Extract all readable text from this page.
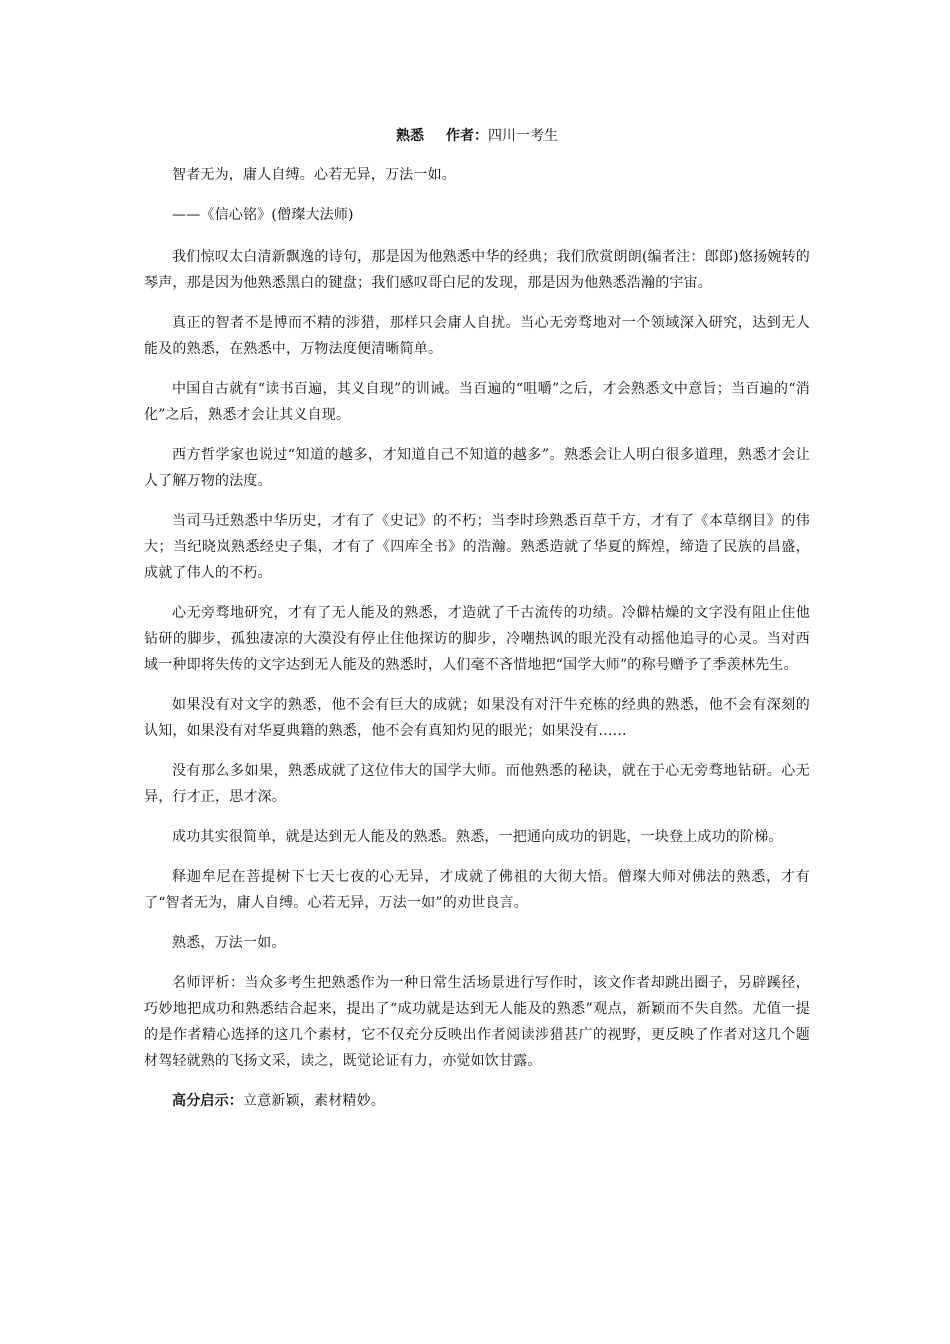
熟悉 作者：四川一考生

智者无为，庸人自缚。心若无异，万法一如。

——《信心铭》(僧璨大法师)

我们惊叹太白清新飘逸的诗句，那是因为他熟悉中华的经典；我们欣赏朗朗(编者注：郎郎)悠扬婉转的琴声，那是因为他熟悉黑白的键盘；我们感叹哥白尼的发现，那是因为他熟悉浩瀚的宇宙。

真正的智者不是博而不精的涉猎，那样只会庸人自扰。当心无旁骛地对一个领域深入研究，达到无人能及的熟悉，在熟悉中，万物法度便清晰简单。

中国自古就有“读书百遍，其义自现”的训诫。当百遍的“咀嚼”之后，才会熟悉文中意旨；当百遍的“消化”之后，熟悉才会让其义自现。

西方哲学家也说过“知道的越多，才知道自己不知道的越多”。熟悉会让人明白很多道理，熟悉才会让人了解万物的法度。

当司马迁熟悉中华历史，才有了《史记》的不朽；当李时珍熟悉百草千方，才有了《本草纲目》的伟大；当纪晓岚熟悉经史子集，才有了《四库全书》的浩瀚。熟悉造就了华夏的辉煌，缔造了民族的昌盛，成就了伟人的不朽。

心无旁骛地研究，才有了无人能及的熟悉，才造就了千古流传的功绩。冷僻枯燥的文字没有阻止住他钻研的脚步，孤独凄凉的大漠没有停止住他探访的脚步，冷嘲热讽的眼光没有动摇他追寻的心灵。当对西域一种即将失传的文字达到无人能及的熟悉时，人们毫不吝惜地把“国学大师”的称号赠予了季羡林先生。

如果没有对文字的熟悉，他不会有巨大的成就；如果没有对汗牛充栋的经典的熟悉，他不会有深刻的认知，如果没有对华夏典籍的熟悉，他不会有真知灼见的眼光；如果没有……

没有那么多如果，熟悉成就了这位伟大的国学大师。而他熟悉的秘诀，就在于心无旁骛地钻研。心无异，行才正，思才深。

成功其实很简单，就是达到无人能及的熟悉。熟悉，一把通向成功的钥匙，一块登上成功的阶梯。

释迦牟尼在菩提树下七天七夜的心无异，才成就了佛祖的大彻大悟。僧璨大师对佛法的熟悉，才有了“智者无为，庸人自缚。心若无异，万法一如”的劝世良言。

熟悉，万法一如。

名师评析：当众多考生把熟悉作为一种日常生活场景进行写作时，该文作者却跳出圈子，另辟蹊径，巧妙地把成功和熟悉结合起来，提出了“成功就是达到无人能及的熟悉”观点，新颖而不失自然。尤值一提的是作者精心选择的这几个素材，它不仅充分反映出作者阅读涉猎甚广的视野，更反映了作者对这几个题材驾轻就熟的飞扬文采，读之，既觉论证有力，亦觉如饮甘露。

高分启示：立意新颖，素材精妙。
